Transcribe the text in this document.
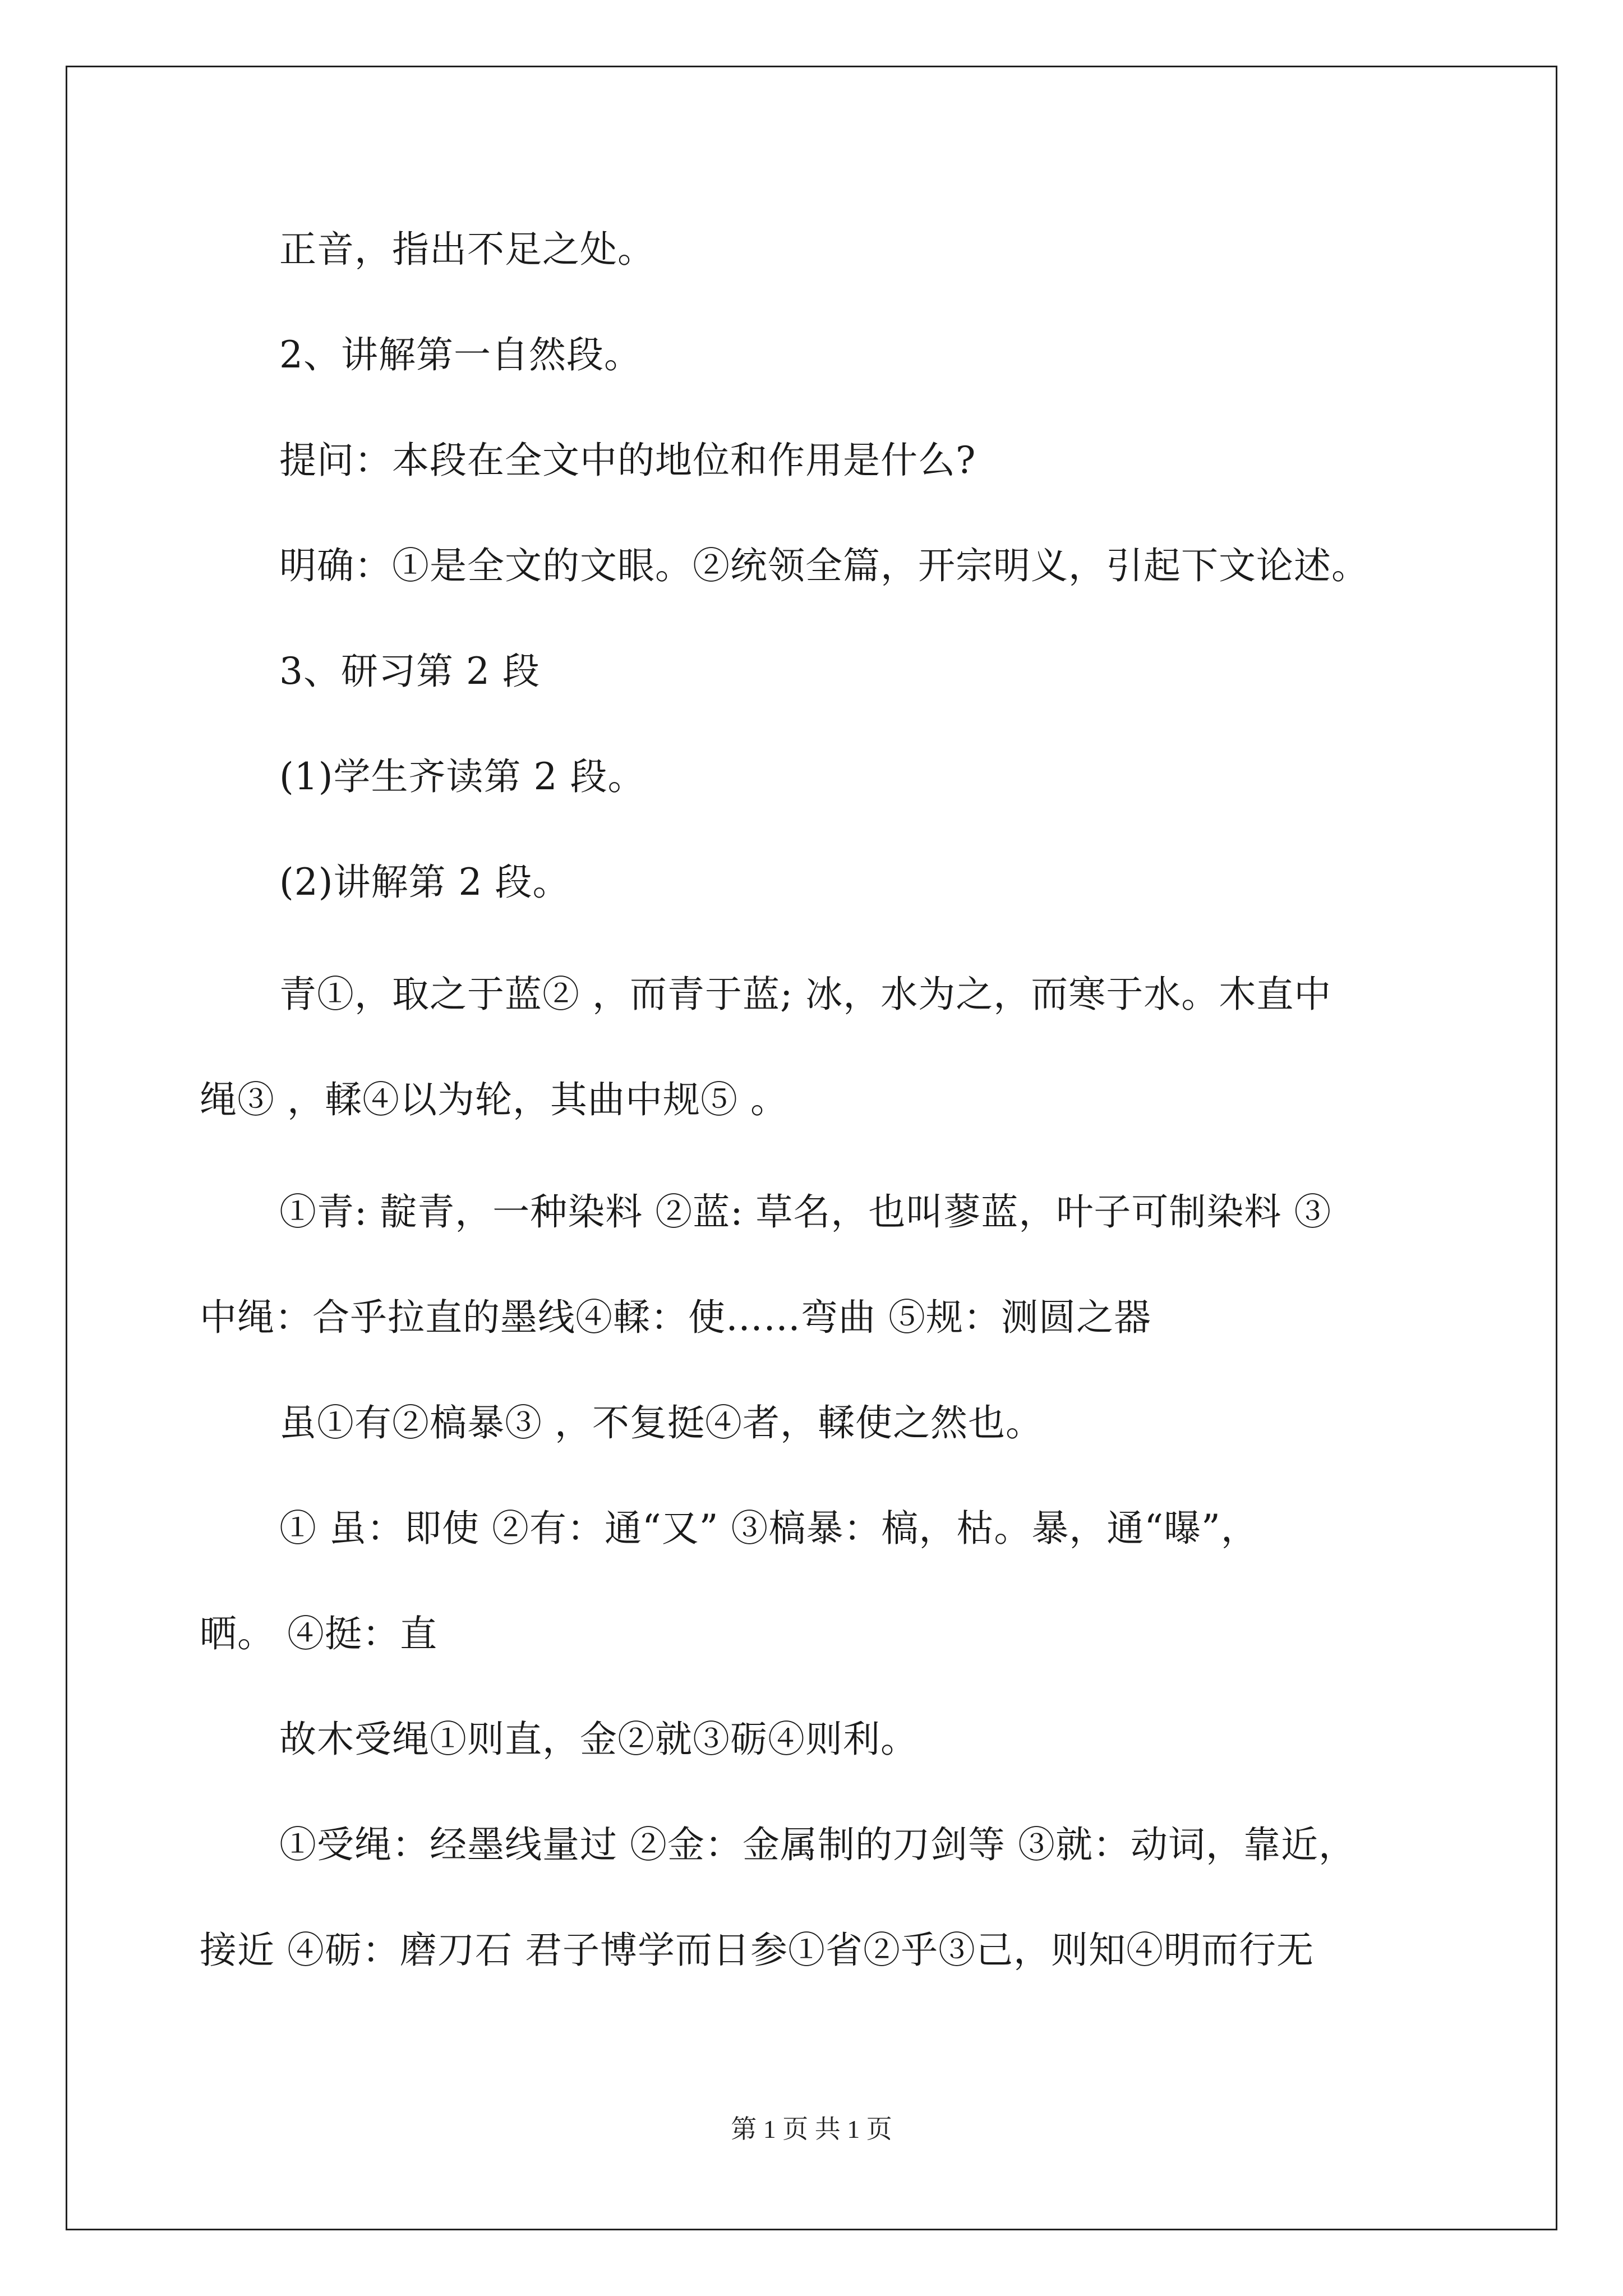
正音，指出不足之处。
2、讲解第一自然段。
提问：本段在全文中的地位和作用是什么?
明确：①是全文的文眼。②统领全篇，开宗明义，引起下文论述。
3、研习第 2 段
(1)学生齐读第 2 段。
(2)讲解第 2 段。
青①，取之于蓝② ，而青于蓝; 冰，水为之，而寒于水。木直中
绳③ ，輮④以为轮，其曲中规⑤ 。
①青: 靛青，一种染料 ②蓝: 草名，也叫蓼蓝，叶子可制染料 ③
中绳：合乎拉直的墨线④輮：使……弯曲 ⑤规：测圆之器
虽①有②槁暴③ ，不复挺④者，輮使之然也。
① 虽：即使 ②有：通“又” ③槁暴：槁，枯。暴，通“曝”，
晒。 ④挺：直
故木受绳①则直，金②就③砺④则利。
①受绳：经墨线量过 ②金：金属制的刀剑等 ③就：动词，靠近，
接近 ④砺：磨刀石 君子博学而日参①省②乎③己，则知④明而行无
第 1 页 共 1 页
